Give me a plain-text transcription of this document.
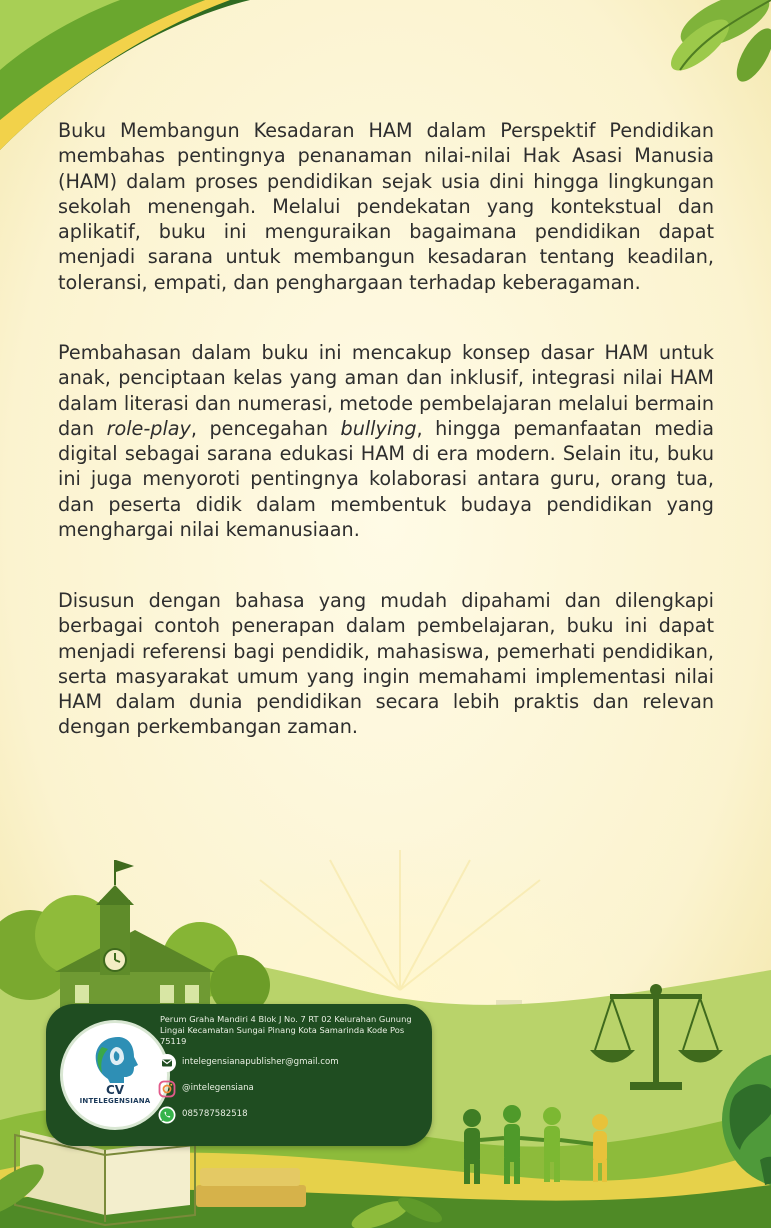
Buku Membangun Kesadaran HAM dalam Perspektif Pendidikan membahas pentingnya penanaman nilai-nilai Hak Asasi Manusia (HAM) dalam proses pendidikan sejak usia dini hingga lingkungan sekolah menengah. Melalui pendekatan yang kontekstual dan aplikatif, buku ini menguraikan bagaimana pendidikan dapat menjadi sarana untuk membangun kesadaran tentang keadilan, toleransi, empati, dan penghargaan terhadap keberagaman.

Pembahasan dalam buku ini mencakup konsep dasar HAM untuk anak, penciptaan kelas yang aman dan inklusif, integrasi nilai HAM dalam literasi dan numerasi, metode pembelajaran melalui bermain dan role-play, pencegahan bullying, hingga pemanfaatan media digital sebagai sarana edukasi HAM di era modern. Selain itu, buku ini juga menyoroti pentingnya kolaborasi antara guru, orang tua, dan peserta didik dalam membentuk budaya pendidikan yang menghargai nilai kemanusiaan.

Disusun dengan bahasa yang mudah dipahami dan dilengkapi berbagai contoh penerapan dalam pembelajaran, buku ini dapat menjadi referensi bagi pendidik, mahasiswa, pemerhati pendidikan, serta masyarakat umum yang ingin memahami implementasi nilai HAM dalam dunia pendidikan secara lebih praktis dan relevan dengan perkembangan zaman.

CV
INTELEGENSIANA

Perum Graha Mandiri 4 Blok J No. 7 RT 02 Kelurahan Gunung Lingai Kecamatan Sungai Pinang Kota Samarinda Kode Pos 75119

intelegensianapublisher@gmail.com
@intelegensiana
085787582518
